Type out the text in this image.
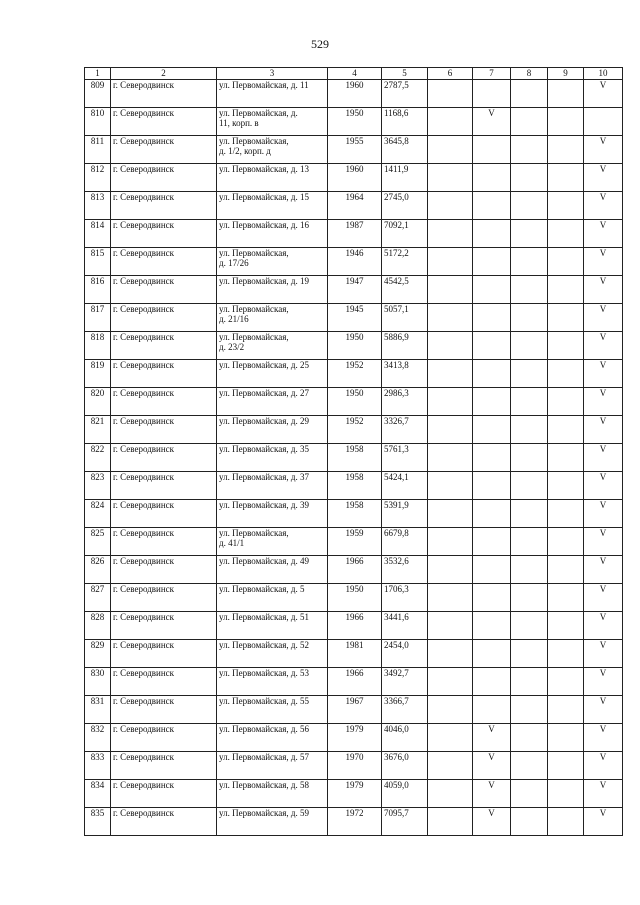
529
1	2	3	4	5	6	7	8	9	10
809	г. Северодвинск	ул. Первомайская, д. 11	1960	2787,5					V
810	г. Северодвинск	ул. Первомайская, д.
11, корп. в	1950	1168,6		V			
811	г. Северодвинск	ул. Первомайская,
д. 1/2, корп. д	1955	3645,8					V
812	г. Северодвинск	ул. Первомайская, д. 13	1960	1411,9					V
813	г. Северодвинск	ул. Первомайская, д. 15	1964	2745,0					V
814	г. Северодвинск	ул. Первомайская, д. 16	1987	7092,1					V
815	г. Северодвинск	ул. Первомайская,
д. 17/26	1946	5172,2					V
816	г. Северодвинск	ул. Первомайская, д. 19	1947	4542,5					V
817	г. Северодвинск	ул. Первомайская,
д. 21/16	1945	5057,1					V
818	г. Северодвинск	ул. Первомайская,
д. 23/2	1950	5886,9					V
819	г. Северодвинск	ул. Первомайская, д. 25	1952	3413,8					V
820	г. Северодвинск	ул. Первомайская, д. 27	1950	2986,3					V
821	г. Северодвинск	ул. Первомайская, д. 29	1952	3326,7					V
822	г. Северодвинск	ул. Первомайская, д. 35	1958	5761,3					V
823	г. Северодвинск	ул. Первомайская, д. 37	1958	5424,1					V
824	г. Северодвинск	ул. Первомайская, д. 39	1958	5391,9					V
825	г. Северодвинск	ул. Первомайская,
д. 41/1	1959	6679,8					V
826	г. Северодвинск	ул. Первомайская, д. 49	1966	3532,6					V
827	г. Северодвинск	ул. Первомайская, д. 5	1950	1706,3					V
828	г. Северодвинск	ул. Первомайская, д. 51	1966	3441,6					V
829	г. Северодвинск	ул. Первомайская, д. 52	1981	2454,0					V
830	г. Северодвинск	ул. Первомайская, д. 53	1966	3492,7					V
831	г. Северодвинск	ул. Первомайская, д. 55	1967	3366,7					V
832	г. Северодвинск	ул. Первомайская, д. 56	1979	4046,0		V			V
833	г. Северодвинск	ул. Первомайская, д. 57	1970	3676,0		V			V
834	г. Северодвинск	ул. Первомайская, д. 58	1979	4059,0		V			V
835	г. Северодвинск	ул. Первомайская, д. 59	1972	7095,7		V			V
